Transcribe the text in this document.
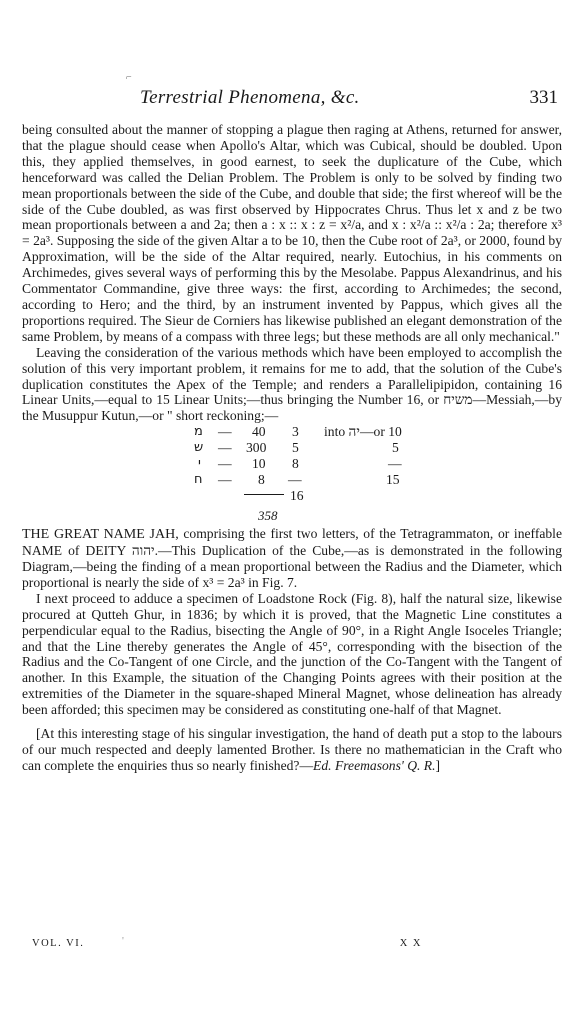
⌐
Terrestrial Phenomena, &c.	331

being consulted about the manner of stopping a plague then raging at Athens, returned for answer, that the plague should cease when Apollo's Altar, which was Cubical, should be doubled. Upon this, they applied themselves, in good earnest, to seek the duplicature of the Cube, which henceforward was called the Delian Problem. The Problem is only to be solved by finding two mean proportionals between the side of the Cube, and double that side; the first whereof will be the side of the Cube doubled, as was first observed by Hippocrates Chrus. Thus let x and z be two mean proportionals between a and 2a; then a : x :: x : z = x²/a, and x : x²/a :: x²/a : 2a; therefore x³ = 2a³. Supposing the side of the given Altar a to be 10, then the Cube root of 2a³, or 2000, found by Approximation, will be the side of the Altar required, nearly. Eutochius, in his comments on Archimedes, gives several ways of performing this by the Mesolabe. Pappus Alexandrinus, and his Commentator Commandine, give three ways: the first, according to Archimedes; the second, according to Hero; and the third, by an instrument invented by Pappus, which gives all the proportions required. The Sieur de Corniers has likewise published an elegant demonstration of the same Problem, by means of a compass with three legs; but these methods are all only mechanical."

Leaving the consideration of the various methods which have been employed to accomplish the solution of this very important problem, it remains for me to add, that the solution of the Cube's duplication constitutes the Apex of the Temple; and renders a Parallelipipidon, containing 16 Linear Units,—equal to 15 Linear Units;—thus bringing the Number 16, or משיח—Messiah,—by the Musuppur Kutun,—or " short reckoning;—

מ — 40 3 into יה—or 10
ש — 300 5	5
י — 10 8	—
ח — 8 —	15
16
358

THE GREAT NAME JAH, comprising the first two letters, of the Tetragrammaton, or ineffable NAME of DEITY יהוה.—This Duplication of the Cube,—as is demonstrated in the following Diagram,—being the finding of a mean proportional between the Radius and the Diameter, which proportional is nearly the side of x³ = 2a³ in Fig. 7.

I next proceed to adduce a specimen of Loadstone Rock (Fig. 8), half the natural size, likewise procured at Qutteh Ghur, in 1836; by which it is proved, that the Magnetic Line constitutes a perpendicular equal to the Radius, bisecting the Angle of 90°, in a Right Angle Isoceles Triangle; and that the Line thereby generates the Angle of 45°, corresponding with the bisection of the Radius and the Co-Tangent of one Circle, and the junction of the Co-Tangent with the Tangent of another. In this Example, the situation of the Changing Points agrees with their position at the extremities of the Diameter in the square-shaped Mineral Magnet, whose delineation has already been afforded; this specimen may be considered as constituting one-half of that Magnet.

[At this interesting stage of his singular investigation, the hand of death put a stop to the labours of our much respected and deeply lamented Brother. Is there no mathematician in the Craft who can complete the enquiries thus so nearly finished?—Ed. Freemasons' Q. R.]

VOL. VI.	'	X X
